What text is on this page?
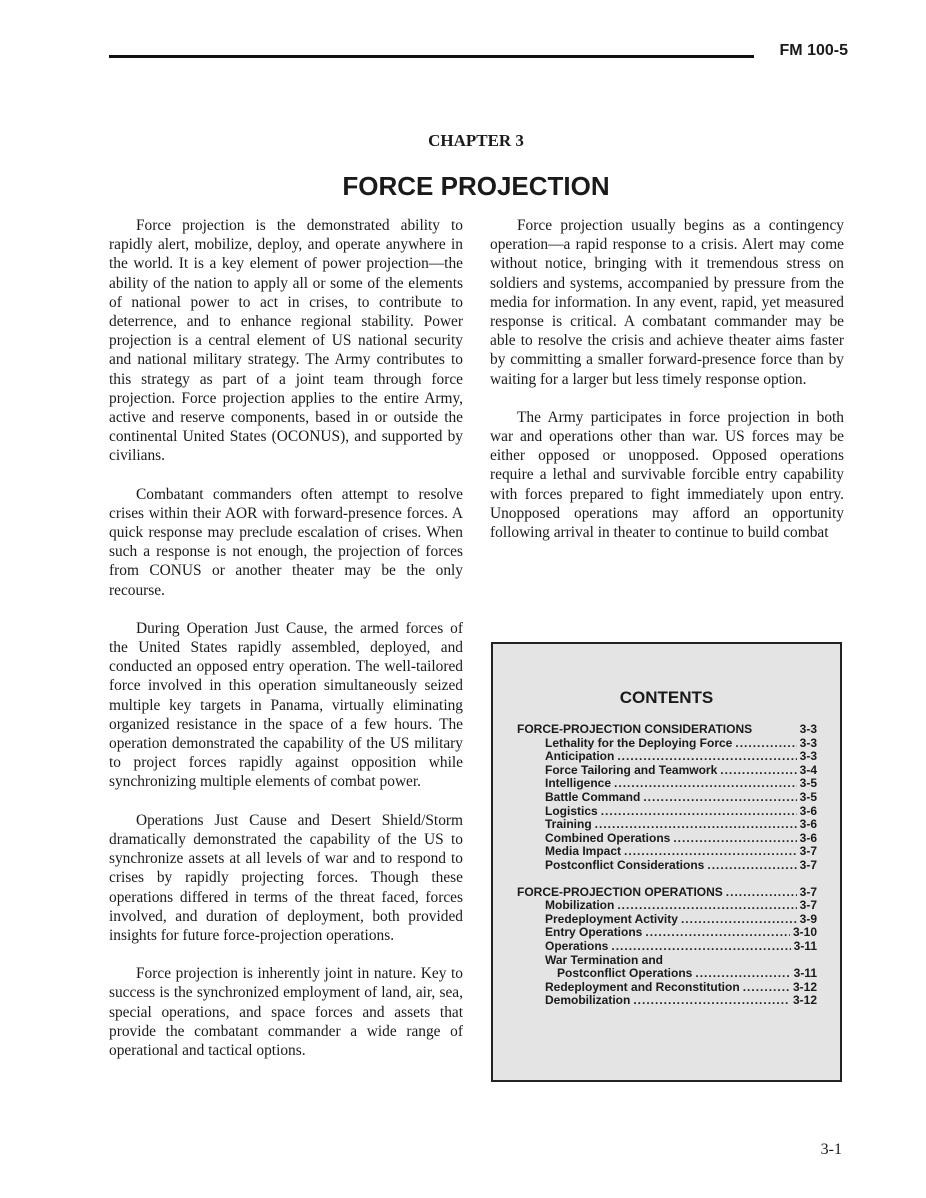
FM 100-5
CHAPTER 3
FORCE PROJECTION

Force projection is the demonstrated ability to rapidly alert, mobilize, deploy, and operate anywhere in the world. It is a key element of power projection—the ability of the nation to apply all or some of the elements of national power to act in crises, to contribute to deterrence, and to enhance regional stability. Power projection is a central element of US national security and national military strategy. The Army contributes to this strategy as part of a joint team through force projection. Force projection applies to the entire Army, active and reserve components, based in or outside the continental United States (OCONUS), and supported by civilians.

Combatant commanders often attempt to resolve crises within their AOR with forward-presence forces. A quick response may preclude escalation of crises. When such a response is not enough, the projection of forces from CONUS or another theater may be the only recourse.

During Operation Just Cause, the armed forces of the United States rapidly assembled, deployed, and conducted an opposed entry operation. The well-tailored force involved in this operation simultaneously seized multiple key targets in Panama, virtually eliminating organized resistance in the space of a few hours. The operation demonstrated the capability of the US military to project forces rapidly against opposition while synchronizing multiple elements of combat power.

Operations Just Cause and Desert Shield/Storm dramatically demonstrated the capability of the US to synchronize assets at all levels of war and to respond to crises by rapidly projecting forces. Though these operations differed in terms of the threat faced, forces involved, and duration of deployment, both provided insights for future force-projection operations.

Force projection is inherently joint in nature. Key to success is the synchronized employment of land, air, sea, special operations, and space forces and assets that provide the combatant commander a wide range of operational and tactical options.

Force projection usually begins as a contingency operation—a rapid response to a crisis. Alert may come without notice, bringing with it tremendous stress on soldiers and systems, accompanied by pressure from the media for information. In any event, rapid, yet measured response is critical. A combatant commander may be able to resolve the crisis and achieve theater aims faster by committing a smaller forward-presence force than by waiting for a larger but less timely response option.

The Army participates in force projection in both war and operations other than war. US forces may be either opposed or unopposed. Opposed operations require a lethal and survivable forcible entry capability with forces prepared to fight immediately upon entry. Unopposed operations may afford an opportunity following arrival in theater to continue to build combat

CONTENTS
FORCE-PROJECTION CONSIDERATIONS	3-3
Lethality for the Deploying Force .....	3-3
Anticipation .....	3-3
Force Tailoring and Teamwork .....	3-4
Intelligence .....	3-5
Battle Command .....	3-5
Logistics .....	3-6
Training .....	3-6
Combined Operations .....	3-6
Media Impact .....	3-7
Postconflict Considerations .....	3-7
FORCE-PROJECTION OPERATIONS .....	3-7
Mobilization .....	3-7
Predeployment Activity .....	3-9
Entry Operations .....	3-10
Operations .....	3-11
War Termination and
Postconflict Operations .....	3-11
Redeployment and Reconstitution .....	3-12
Demobilization .....	3-12
3-1
